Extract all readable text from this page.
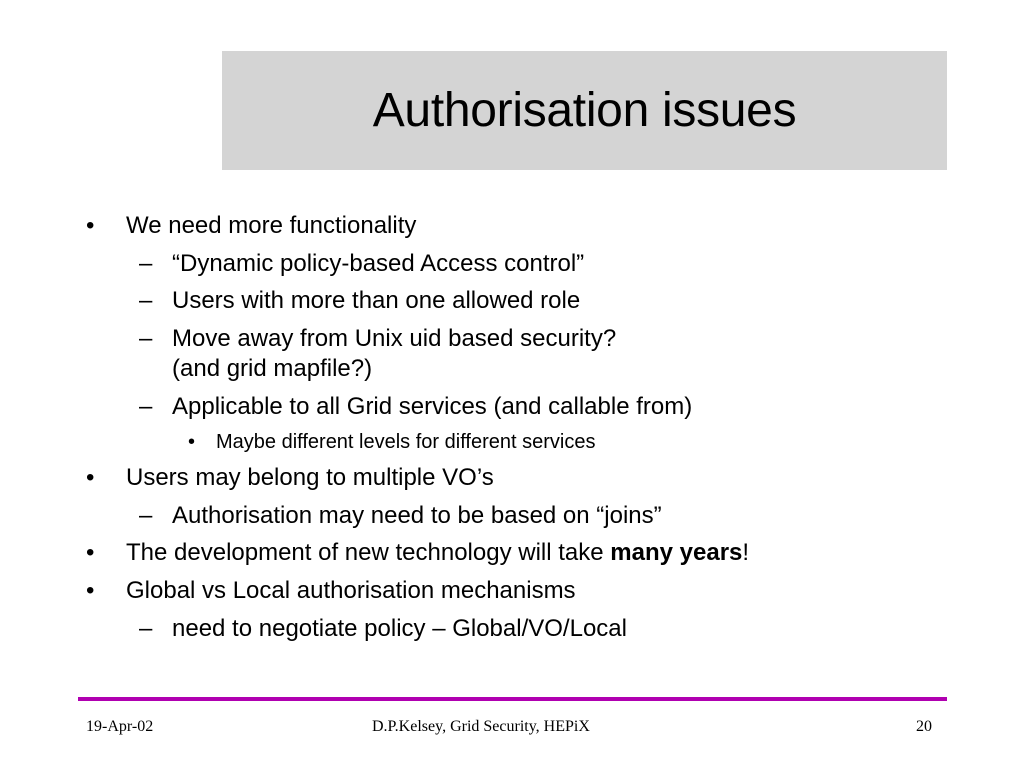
Authorisation issues
• We need more functionality
– “Dynamic policy-based Access control”
– Users with more than one allowed role
– Move away from Unix uid based security?
(and grid mapfile?)
– Applicable to all Grid services (and callable from)
• Maybe different levels for different services
• Users may belong to multiple VO’s
– Authorisation may need to be based on “joins”
• The development of new technology will take many years!
• Global vs Local authorisation mechanisms
– need to negotiate policy – Global/VO/Local
19-Apr-02	D.P.Kelsey, Grid Security, HEPiX	20
